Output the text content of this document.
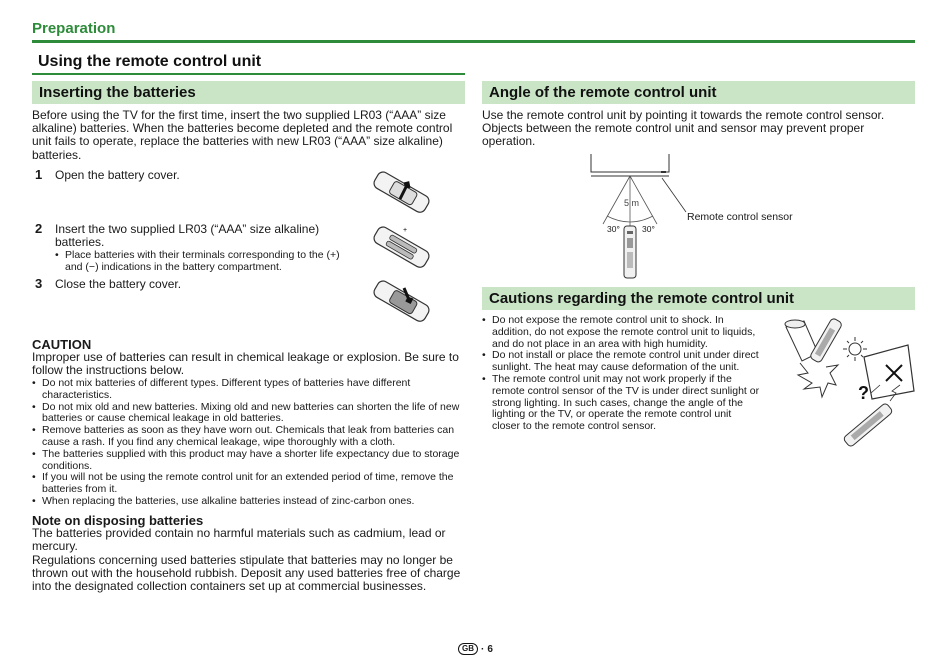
Preparation
Using the remote control unit
Inserting the batteries
Before using the TV for the first time, insert the two supplied LR03 (“AAA” size alkaline) batteries. When the batteries become depleted and the remote control unit fails to operate, replace the batteries with new LR03 (“AAA” size alkaline) batteries.
1 Open the battery cover.
2 Insert the two supplied LR03 (“AAA” size alkaline) batteries.
• Place batteries with their terminals corresponding to the (+) and (−) indications in the battery compartment.
3 Close the battery cover.
+
CAUTION
Improper use of batteries can result in chemical leakage or explosion. Be sure to follow the instructions below.
• Do not mix batteries of different types. Different types of batteries have different characteristics.
• Do not mix old and new batteries. Mixing old and new batteries can shorten the life of new batteries or cause chemical leakage in old batteries.
• Remove batteries as soon as they have worn out. Chemicals that leak from batteries can cause a rash. If you find any chemical leakage, wipe thoroughly with a cloth.
• The batteries supplied with this product may have a shorter life expectancy due to storage conditions.
• If you will not be using the remote control unit for an extended period of time, remove the batteries from it.
• When replacing the batteries, use alkaline batteries instead of zinc-carbon ones.
Note on disposing batteries
The batteries provided contain no harmful materials such as cadmium, lead or mercury.
Regulations concerning used batteries stipulate that batteries may no longer be thrown out with the household rubbish. Deposit any used batteries free of charge into the designated collection containers set up at commercial businesses.
Angle of the remote control unit
Use the remote control unit by pointing it towards the remote control sensor. Objects between the remote control unit and sensor may prevent proper operation.
5 m
30°	30°
Remote control sensor
Cautions regarding the remote control unit
• Do not expose the remote control unit to shock. In addition, do not expose the remote control unit to liquids, and do not place in an area with high humidity.
• Do not install or place the remote control unit under direct sunlight. The heat may cause deformation of the unit.
• The remote control unit may not work properly if the remote control sensor of the TV is under direct sunlight or strong lighting. In such cases, change the angle of the lighting or the TV, or operate the remote control unit closer to the remote control sensor.
?
GB · 6
